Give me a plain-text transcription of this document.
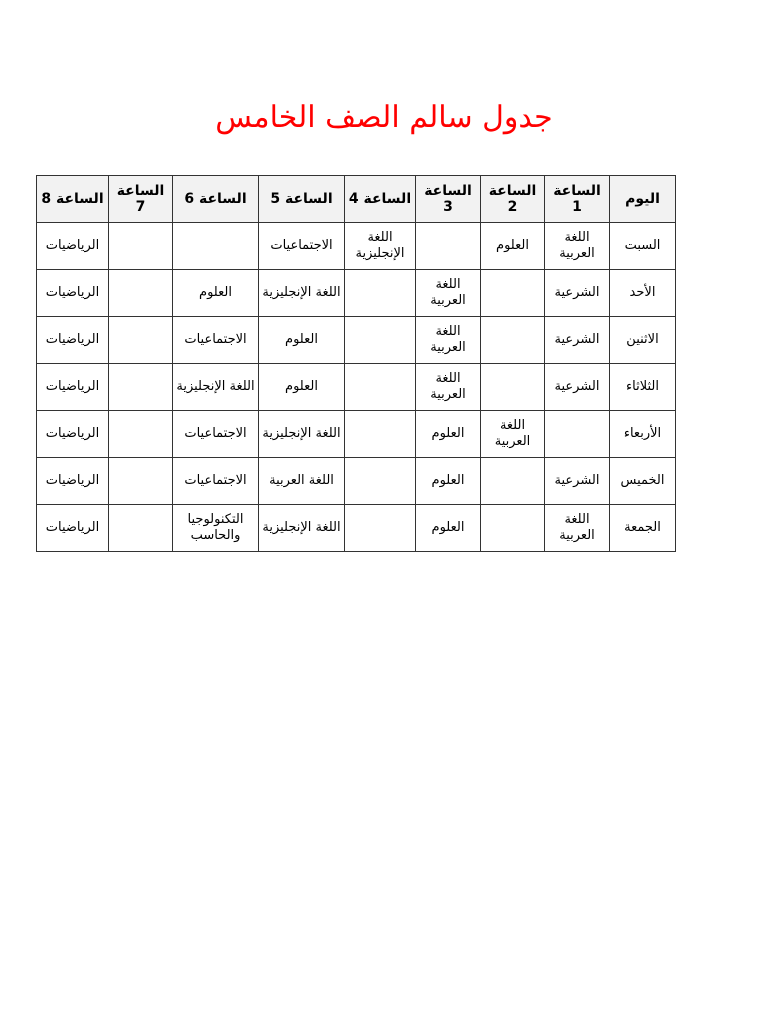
جدول سالم الصف الخامس
اليوم	الساعة 1	الساعة 2	الساعة 3	الساعة 4	الساعة 5	الساعة 6	الساعة 7	الساعة 8
السبت	اللغة العربية	العلوم		اللغة الإنجليزية	الاجتماعيات			الرياضيات
الأحد	الشرعية		اللغة العربية		اللغة الإنجليزية	العلوم		الرياضيات
الاثنين	الشرعية		اللغة العربية		العلوم	الاجتماعيات		الرياضيات
الثلاثاء	الشرعية		اللغة العربية		العلوم	اللغة الإنجليزية		الرياضيات
الأربعاء		اللغة العربية	العلوم		اللغة الإنجليزية	الاجتماعيات		الرياضيات
الخميس	الشرعية		العلوم		اللغة العربية	الاجتماعيات		الرياضيات
الجمعة	اللغة العربية		العلوم		اللغة الإنجليزية	التكنولوجيا والحاسب		الرياضيات
